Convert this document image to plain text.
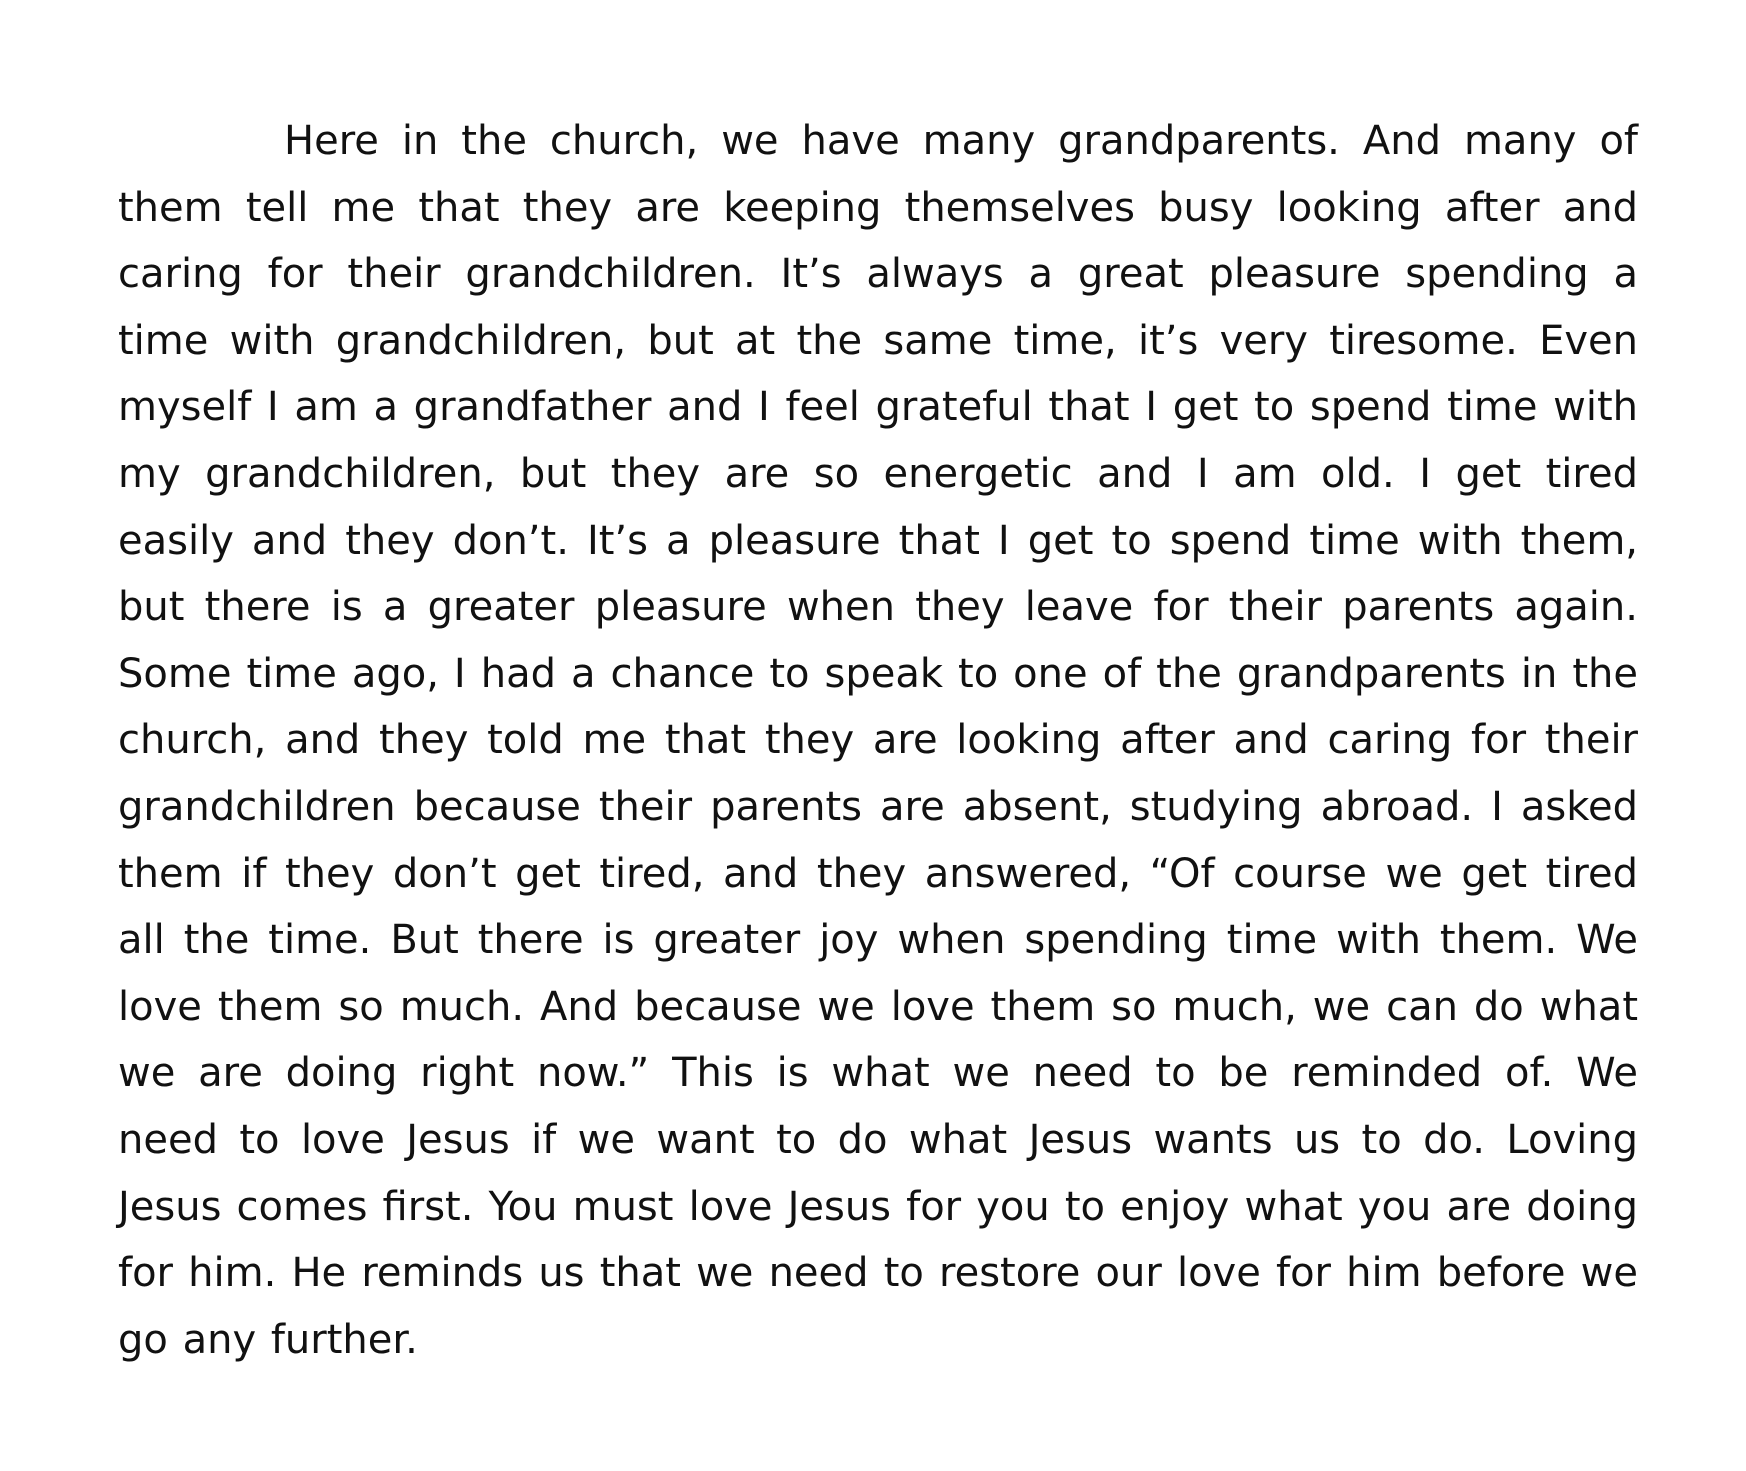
Here in the church, we have many grandparents. And many of them tell me that they are keeping themselves busy looking after and caring for their grandchildren. It’s always a great pleasure spending a time with grandchildren, but at the same time, it’s very tiresome. Even myself I am a grandfather and I feel grateful that I get to spend time with my grandchildren, but they are so energetic and I am old. I get tired easily and they don’t. It’s a pleasure that I get to spend time with them, but there is a greater pleasure when they leave for their parents again. Some time ago, I had a chance to speak to one of the grandparents in the church, and they told me that they are looking after and caring for their grandchildren because their parents are absent, studying abroad. I asked them if they don’t get tired, and they answered, “Of course we get tired all the time. But there is greater joy when spending time with them. We love them so much. And because we love them so much, we can do what we are doing right now.” This is what we need to be reminded of. We need to love Jesus if we want to do what Jesus wants us to do. Loving Jesus comes first. You must love Jesus for you to enjoy what you are doing for him. He reminds us that we need to restore our love for him before we go any further.
